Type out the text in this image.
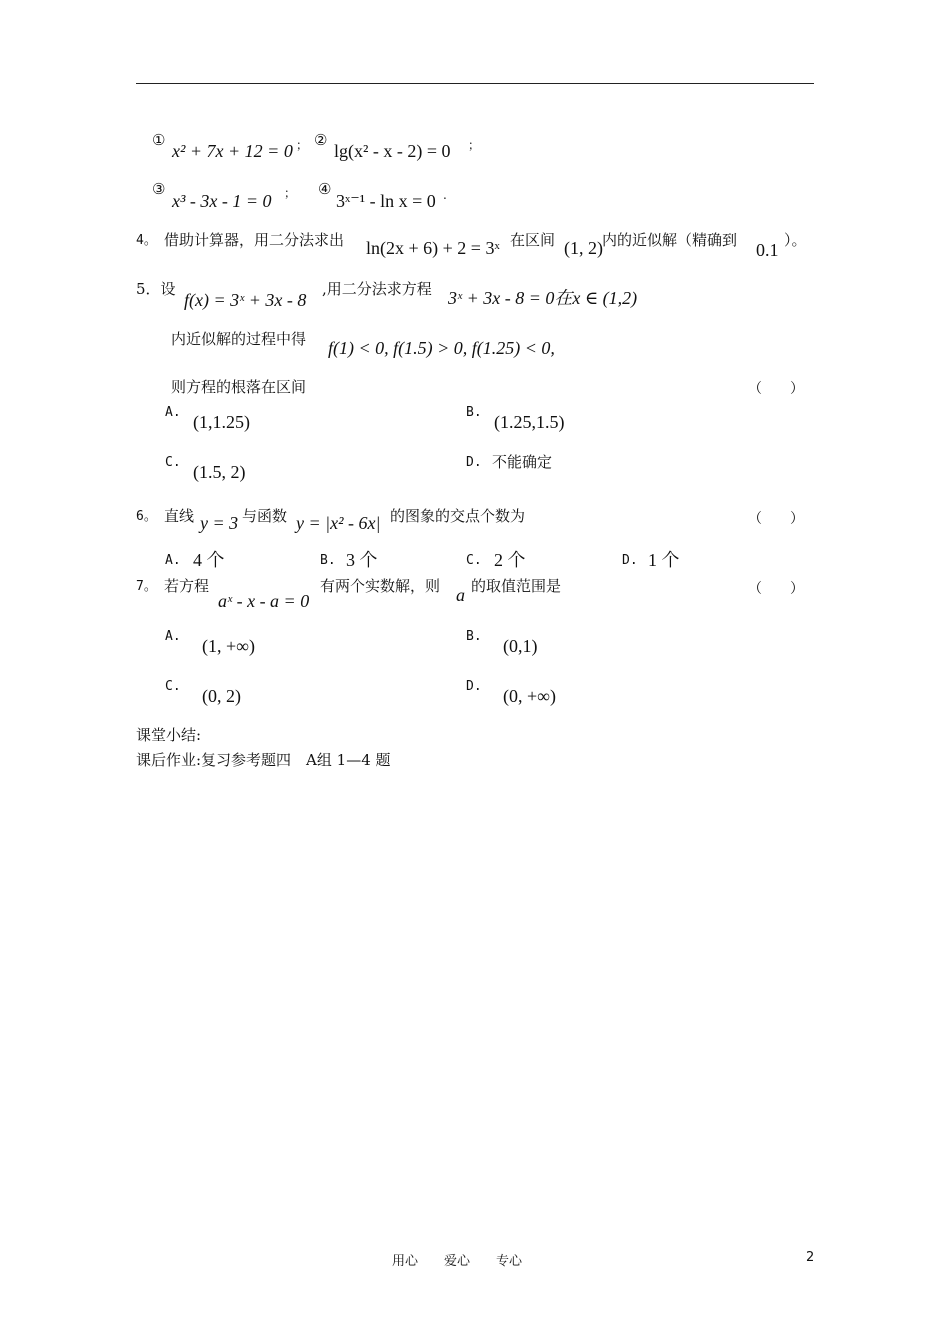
①
x² + 7x + 12 = 0 ； ②
lg(x² - x - 2) = 0 ；
③
x³ - 3x - 1 = 0 ； ④
3ˣ⁻¹ - ln x = 0 .
4。 借助计算器，用二分法求出 ln(2x + 6) + 2 = 3ˣ 在区间 (1, 2) 内的近似解（精确到 0.1 ）。
5．设
f(x) = 3ˣ + 3x - 8
,用二分法求方程 3ˣ + 3x - 8 = 0在x ∈ (1,2)
内近似解的过程中得 f(1) < 0, f(1.5) > 0, f(1.25) < 0,
则方程的根落在区间	（　　）
A. (1,1.25)	B. (1.25,1.5)
C. (1.5, 2)	D. 不能确定
6。 直线 y = 3 与函数 y = |x² - 6x| 的图象的交点个数为	（　　）
A. 4 个	B. 3 个	C. 2 个	D. 1 个
7。 若方程
aˣ - x - a = 0
有两个实数解，则 a 的取值范围是	（　　）
A. (1, +∞)	B. (0,1)
C. (0, 2)	D. (0, +∞)
课堂小结:
课后作业:复习参考题四　A组 1—4 题
用心　　爱心　　专心	2
